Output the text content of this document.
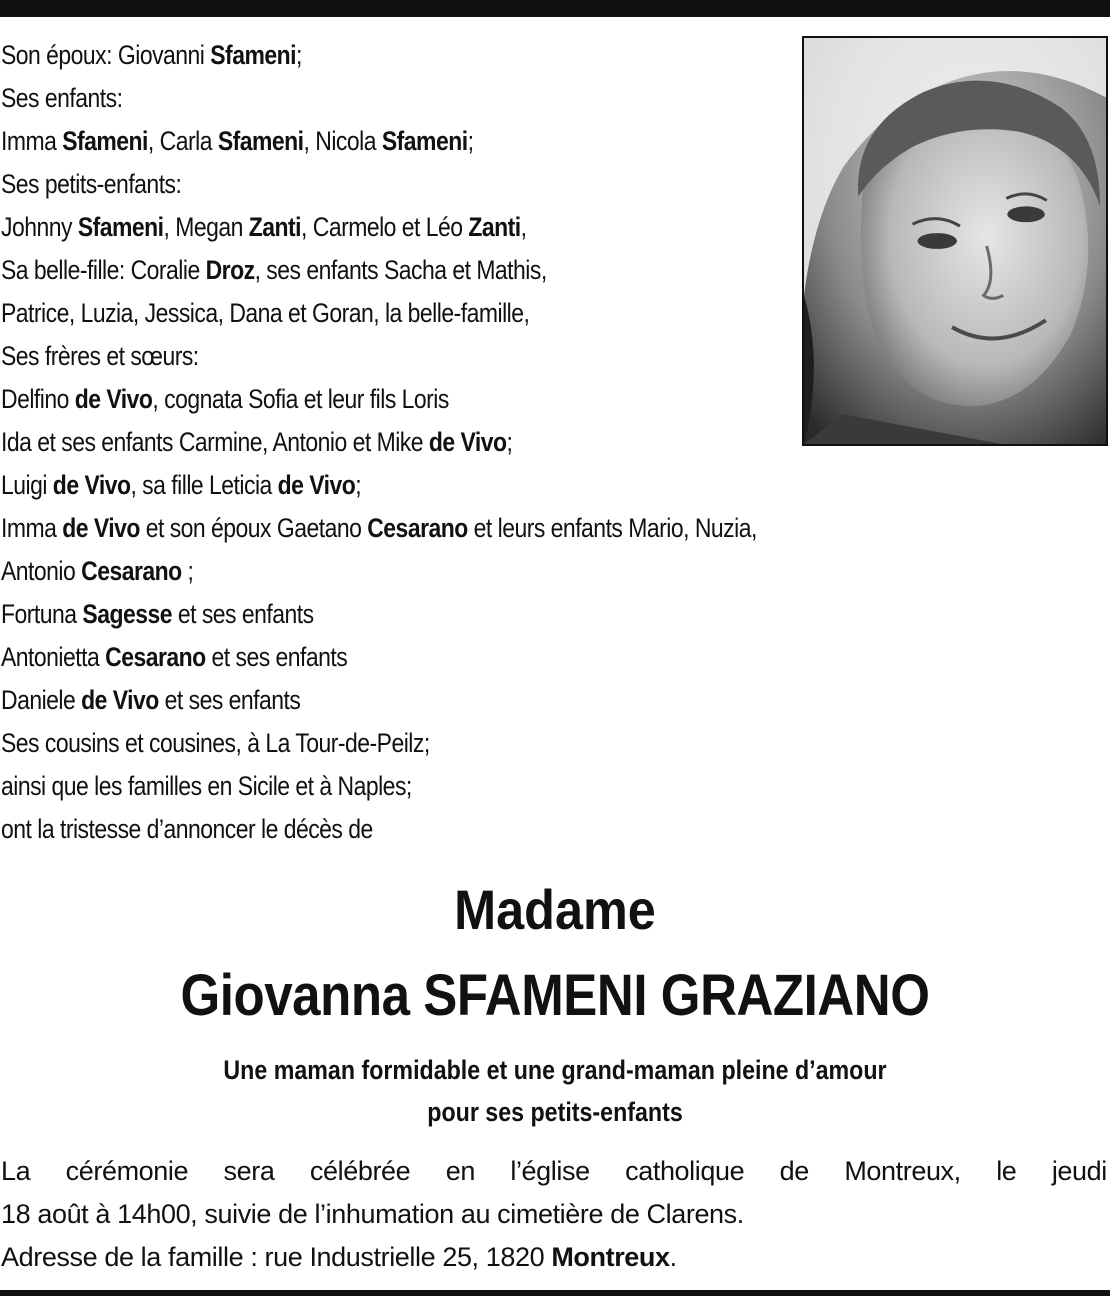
Son époux: Giovanni Sfameni;
Ses enfants:
Imma Sfameni, Carla Sfameni, Nicola Sfameni;
Ses petits-enfants:
Johnny Sfameni, Megan Zanti, Carmelo et Léo Zanti,
Sa belle-fille: Coralie Droz, ses enfants Sacha et Mathis,
Patrice, Luzia, Jessica, Dana et Goran, la belle-famille,
Ses frères et sœurs:
Delfino de Vivo, cognata Sofia et leur fils Loris
Ida et ses enfants Carmine, Antonio et Mike de Vivo;
Luigi de Vivo, sa fille Leticia de Vivo;
Imma de Vivo et son époux Gaetano Cesarano et leurs enfants Mario, Nuzia,
Antonio Cesarano ;
Fortuna Sagesse et ses enfants
Antonietta Cesarano et ses enfants
Daniele de Vivo et ses enfants
Ses cousins et cousines, à La Tour-de-Peilz;
ainsi que les familles en Sicile et à Naples;
ont la tristesse d’annoncer le décès de
Madame
Giovanna SFAMENI GRAZIANO
Une maman formidable et une grand-maman pleine d’amour
pour ses petits-enfants
La cérémonie sera célébrée en l’église catholique de Montreux, le jeudi
18 août à 14h00, suivie de l’inhumation au cimetière de Clarens.
Adresse de la famille : rue Industrielle 25, 1820 Montreux.
